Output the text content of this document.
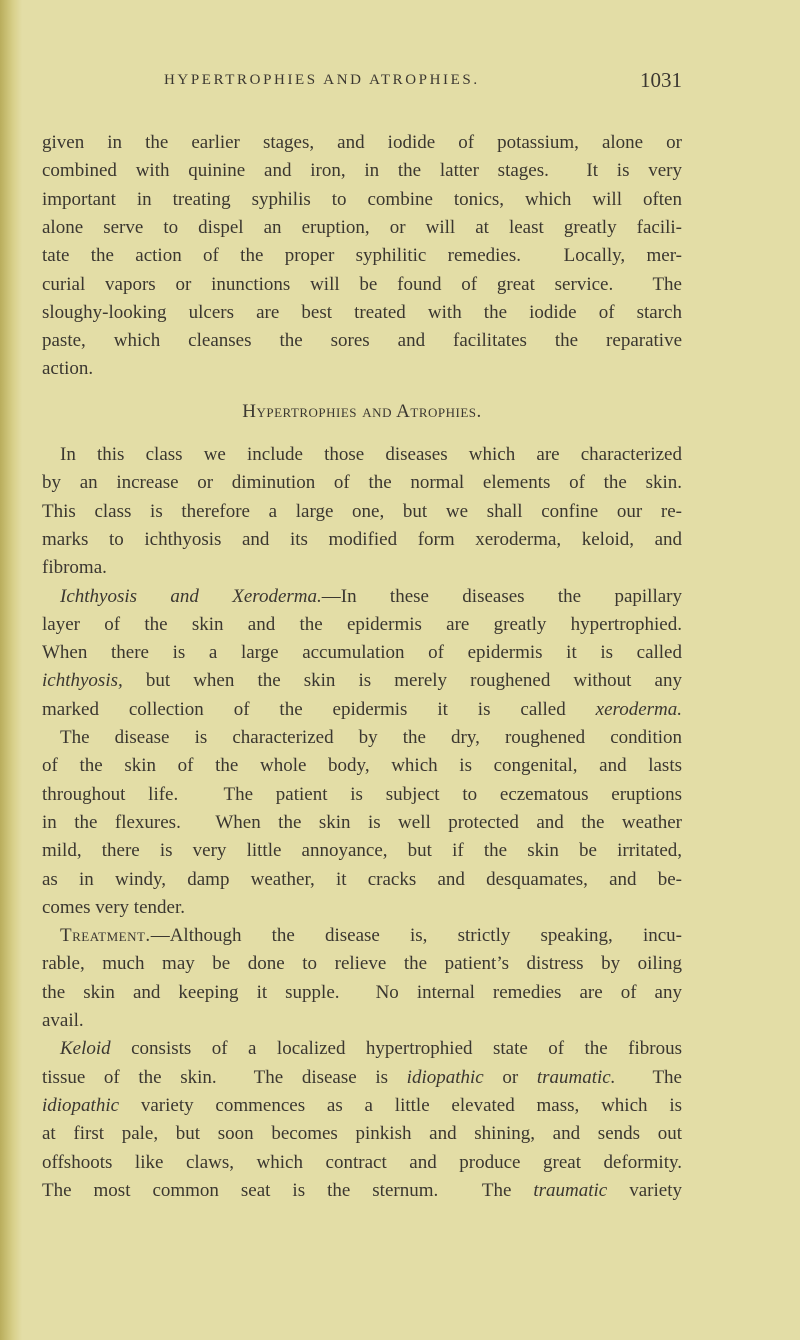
HYPERTROPHIES AND ATROPHIES.	1031
given in the earlier stages, and iodide of potassium, alone or
combined with quinine and iron, in the latter stages.  It is very
important in treating syphilis to combine tonics, which will often
alone serve to dispel an eruption, or will at least greatly facili-
tate the action of the proper syphilitic remedies.  Locally, mer-
curial vapors or inunctions will be found of great service.  The
sloughy-looking ulcers are best treated with the iodide of starch
paste, which cleanses the sores and facilitates the reparative
action.
Hypertrophies and Atrophies.
In this class we include those diseases which are characterized
by an increase or diminution of the normal elements of the skin.
This class is therefore a large one, but we shall confine our re-
marks to ichthyosis and its modified form xeroderma, keloid, and
fibroma.
Ichthyosis and Xeroderma.—In these diseases the papillary
layer of the skin and the epidermis are greatly hypertrophied.
When there is a large accumulation of epidermis it is called
ichthyosis, but when the skin is merely roughened without any
marked collection of the epidermis it is called xeroderma.
The disease is characterized by the dry, roughened condition
of the skin of the whole body, which is congenital, and lasts
throughout life.  The patient is subject to eczematous eruptions
in the flexures.  When the skin is well protected and the weather
mild, there is very little annoyance, but if the skin be irritated,
as in windy, damp weather, it cracks and desquamates, and be-
comes very tender.
Treatment.—Although the disease is, strictly speaking, incu-
rable, much may be done to relieve the patient’s distress by oiling
the skin and keeping it supple.  No internal remedies are of any
avail.
Keloid consists of a localized hypertrophied state of the fibrous
tissue of the skin.  The disease is idiopathic or traumatic.  The
idiopathic variety commences as a little elevated mass, which is
at first pale, but soon becomes pinkish and shining, and sends out
offshoots like claws, which contract and produce great deformity.
The most common seat is the sternum.  The traumatic variety
